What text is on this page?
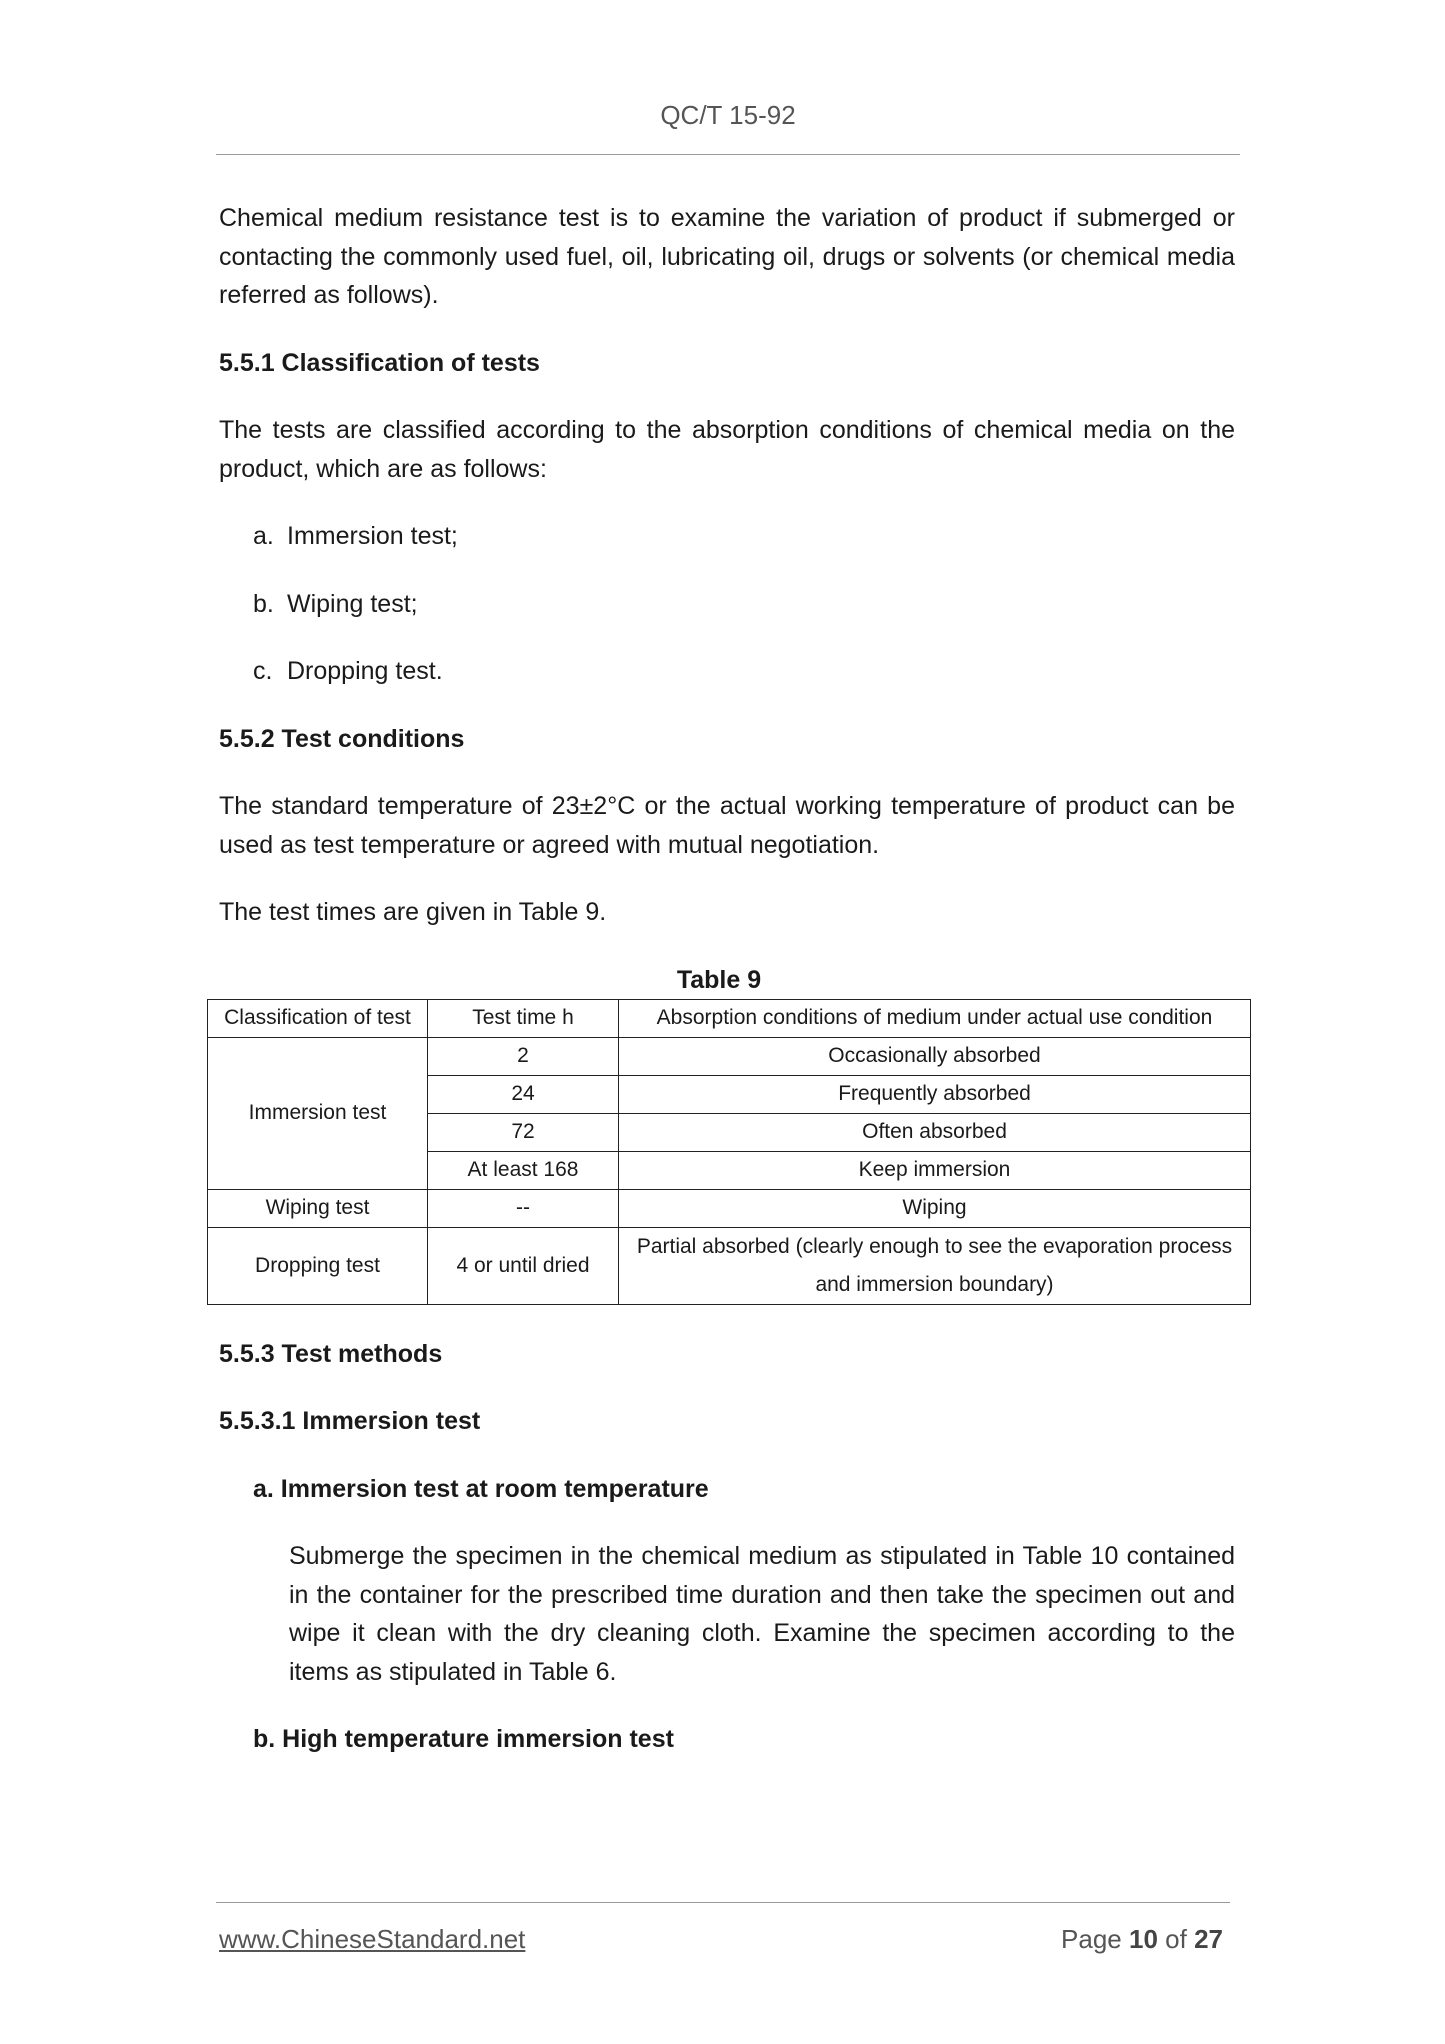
QC/T 15-92

Chemical medium resistance test is to examine the variation of product if submerged or contacting the commonly used fuel, oil, lubricating oil, drugs or solvents (or chemical media referred as follows).

5.5.1 Classification of tests

The tests are classified according to the absorption conditions of chemical media on the product, which are as follows:

a. Immersion test;

b. Wiping test;

c. Dropping test.

5.5.2 Test conditions

The standard temperature of 23±2°C or the actual working temperature of product can be used as test temperature or agreed with mutual negotiation.

The test times are given in Table 9.

Table 9

Classification of test	Test time h	Absorption conditions of medium under actual use condition
Immersion test	2	Occasionally absorbed
	24	Frequently absorbed
	72	Often absorbed
	At least 168	Keep immersion
Wiping test	--	Wiping
Dropping test	4 or until dried	Partial absorbed (clearly enough to see the evaporation process and immersion boundary)

5.5.3 Test methods

5.5.3.1 Immersion test

a. Immersion test at room temperature

Submerge the specimen in the chemical medium as stipulated in Table 10 contained in the container for the prescribed time duration and then take the specimen out and wipe it clean with the dry cleaning cloth. Examine the specimen according to the items as stipulated in Table 6.

b. High temperature immersion test

www.ChineseStandard.net	Page 10 of 27
